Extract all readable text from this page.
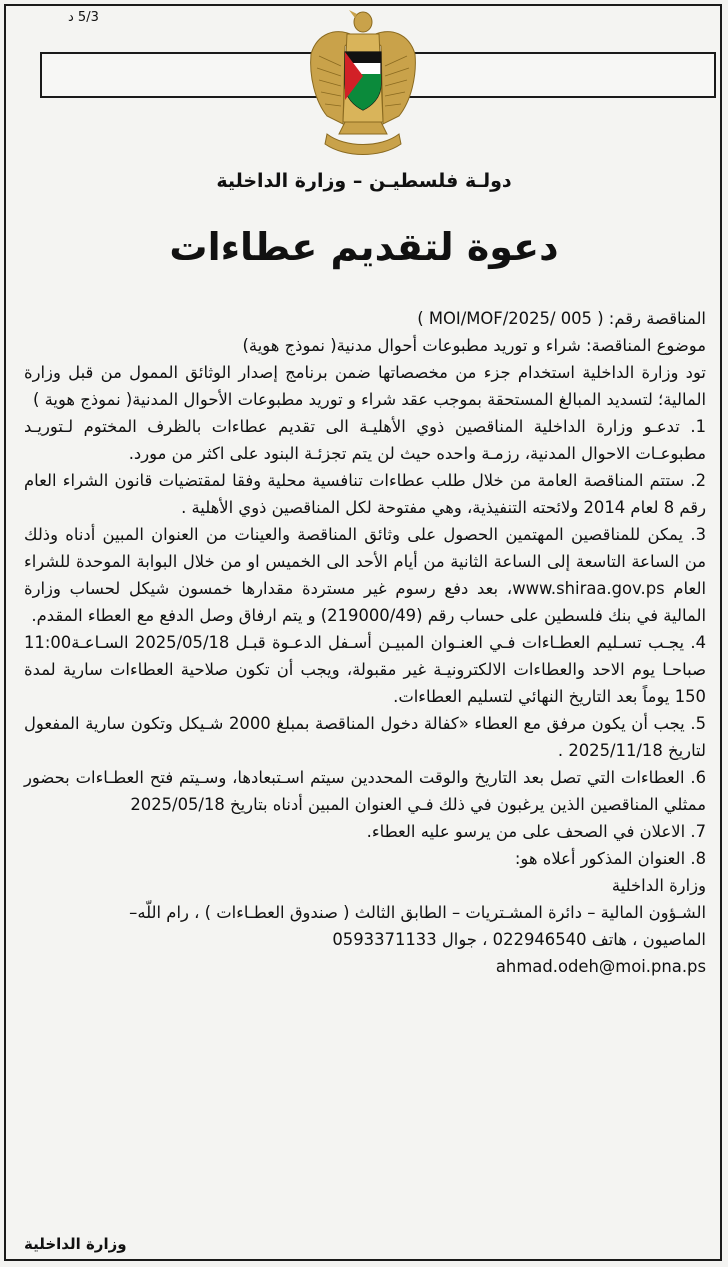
5/3 د
دولـة فلسطيـن – وزارة الداخلية
دعوة لتقديم عطاءات

المناقصة رقم: ( MOI/MOF/2025/ 005 )

موضوع المناقصة: شراء و توريد مطبوعات أحوال مدنية( نموذج هوية)

تود وزارة الداخلية استخدام جزء من مخصصاتها ضمن برنامج إصدار الوثائق الممول من قبل وزارة المالية؛ لتسديد المبالغ المستحقة بموجب عقد شراء و توريد مطبوعات الأحوال المدنية( نموذج هوية )

1. تدعـو وزارة الداخلية المناقصين ذوي الأهليـة الى تقديم عطاءات بالظرف المختوم لـتوريـد مطبوعـات الاحوال المدنية، رزمـة واحده حيث لن يتم تجزئـة البنود على اكثر من مورد.

2. ستتم المناقصة العامة من خلال طلب عطاءات تنافسية محلية وفقا لمقتضيات قانون الشراء العام رقم 8 لعام 2014 ولائحته التنفيذية، وهي مفتوحة لكل المناقصين ذوي الأهلية .

3. يمكن للمناقصين المهتمين الحصول على وثائق المناقصة والعينات من العنوان المبين أدناه وذلك من الساعة التاسعة إلى الساعة الثانية من أيام الأحد الى الخميس او من خلال البوابة الموحدة للشراء العام www.shiraa.gov.ps، بعد دفع رسوم غير مستردة مقدارها خمسون شيكل لحساب وزارة المالية في بنك فلسطين على حساب رقم (219000/49) و يتم ارفاق وصل الدفع مع العطاء المقدم.

4. يجـب تسـليم العطـاءات فـي العنـوان المبيـن أسـفل الدعـوة قبـل 2025/05/18 السـاعـة11:00 صباحـا يوم الاحد والعطاءات الالكترونيـة غير مقبولة، ويجب أن تكون صلاحية العطاءات سارية لمدة 150 يوماً بعد التاريخ النهائي لتسليم العطاءات.

5. يجب أن يكون مرفق مع العطاء «كفالة دخول المناقصة بمبلغ 2000 شـيكل وتكون سارية المفعول لتاريخ 2025/11/18 .

6. العطاءات التي تصل بعد التاريخ والوقت المحددين سيتم اسـتبعادها، وسـيتم فتح العطـاءات بحضور ممثلي المناقصين الذين يرغبون في ذلك فـي العنوان المبين أدناه بتاريخ 2025/05/18

7. الاعلان في الصحف على من يرسو عليه العطاء.

8. العنوان المذكور أعلاه هو:

وزارة الداخلية

الشـؤون المالية – دائرة المشـتريات – الطابق الثالث ( صندوق العطـاءات ) ، رام اللّه–

الماصيون ، هاتف 022946540 ، جوال 0593371133

ahmad.odeh@moi.pna.ps

وزارة الداخلية
